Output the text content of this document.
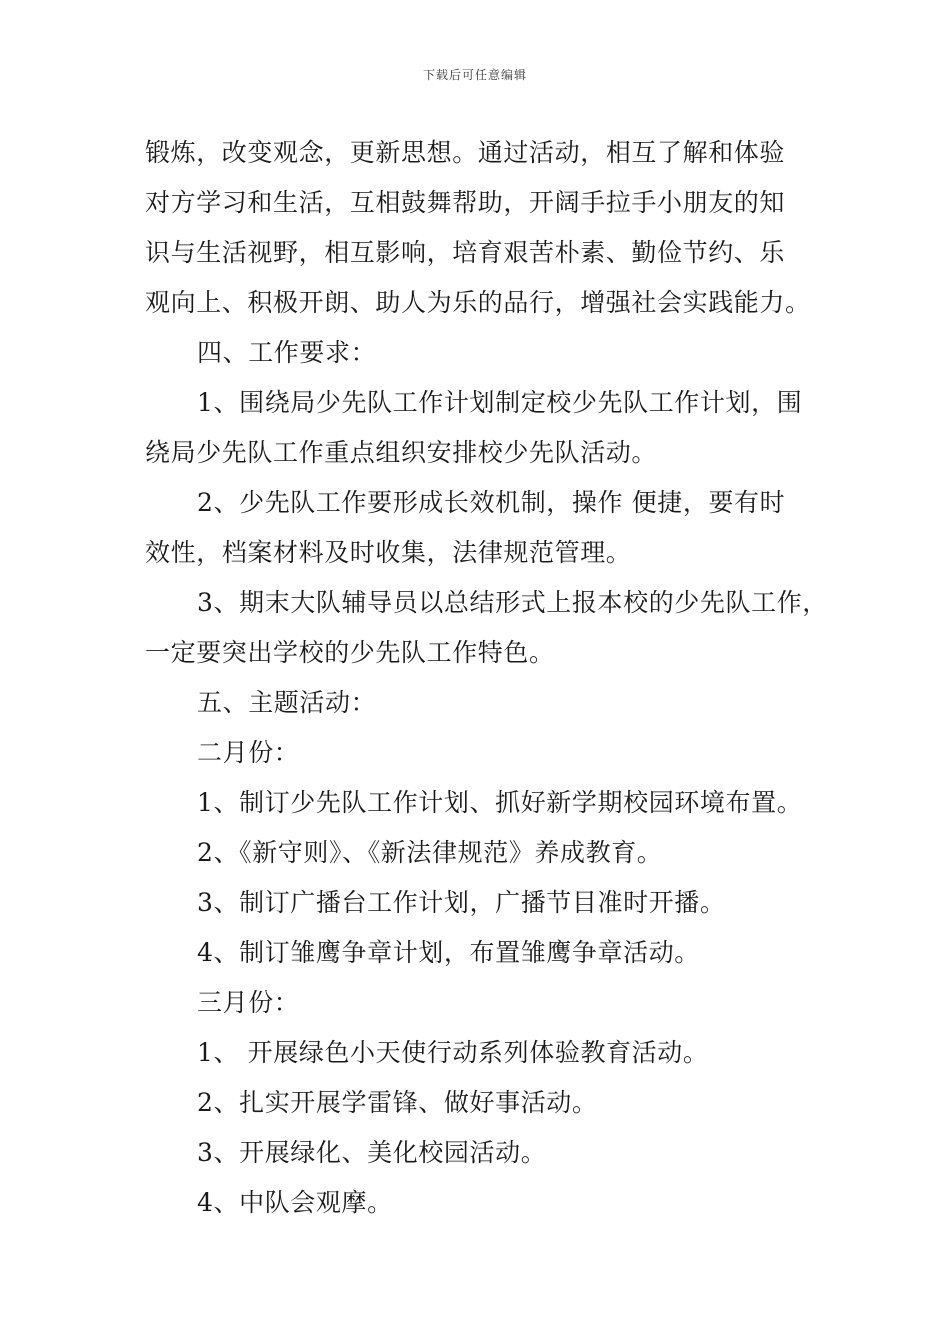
下载后可任意编辑
锻炼，改变观念，更新思想。通过活动，相互了解和体验
对方学习和生活，互相鼓舞帮助，开阔手拉手小朋友的知
识与生活视野，相互影响，培育艰苦朴素、勤俭节约、乐
观向上、积极开朗、助人为乐的品行，增强社会实践能力。
四、工作要求：
1、围绕局少先队工作计划制定校少先队工作计划，围
绕局少先队工作重点组织安排校少先队活动。
2、少先队工作要形成长效机制，操作 便捷，要有时
效性，档案材料及时收集，法律规范管理。
3、期末大队辅导员以总结形式上报本校的少先队工作，
一定要突出学校的少先队工作特色。
五、主题活动：
二月份：
1、制订少先队工作计划、抓好新学期校园环境布置。
2、《新守则》、《新法律规范》养成教育。
3、制订广播台工作计划，广播节目准时开播。
4、制订雏鹰争章计划，布置雏鹰争章活动。
三月份：
1、 开展绿色小天使行动系列体验教育活动。
2、扎实开展学雷锋、做好事活动。
3、开展绿化、美化校园活动。
4、中队会观摩。
